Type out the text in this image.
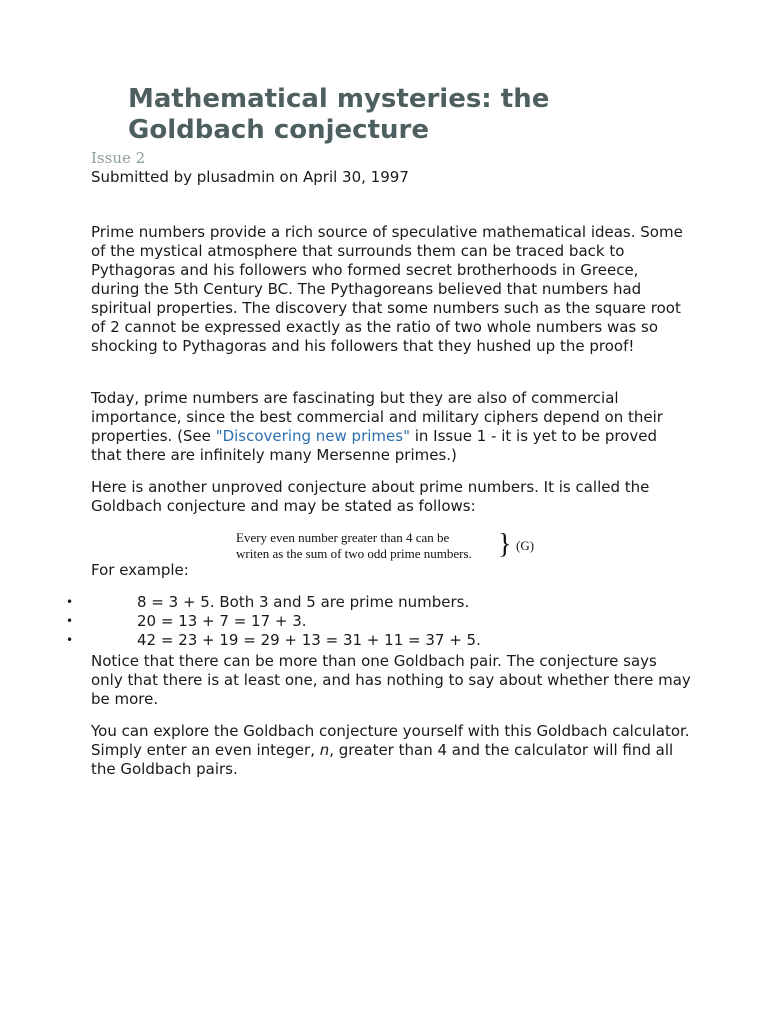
Mathematical mysteries: the Goldbach conjecture
Issue 2
Submitted by plusadmin on April 30, 1997

Prime numbers provide a rich source of speculative mathematical ideas. Some of the mystical atmosphere that surrounds them can be traced back to Pythagoras and his followers who formed secret brotherhoods in Greece, during the 5th Century BC. The Pythagoreans believed that numbers had spiritual properties. The discovery that some numbers such as the square root of 2 cannot be expressed exactly as the ratio of two whole numbers was so shocking to Pythagoras and his followers that they hushed up the proof!

Today, prime numbers are fascinating but they are also of commercial importance, since the best commercial and military ciphers depend on their properties. (See "Discovering new primes" in Issue 1 - it is yet to be proved that there are infinitely many Mersenne primes.)

Here is another unproved conjecture about prime numbers. It is called the Goldbach conjecture and may be stated as follows:

Every even number greater than 4 can be
writen as the sum of two odd prime numbers. } (G)

For example:

•	8 = 3 + 5. Both 3 and 5 are prime numbers.
•	20 = 13 + 7 = 17 + 3.
•	42 = 23 + 19 = 29 + 13 = 31 + 11 = 37 + 5.

Notice that there can be more than one Goldbach pair. The conjecture says only that there is at least one, and has nothing to say about whether there may be more.

You can explore the Goldbach conjecture yourself with this Goldbach calculator. Simply enter an even integer, n, greater than 4 and the calculator will find all the Goldbach pairs.
